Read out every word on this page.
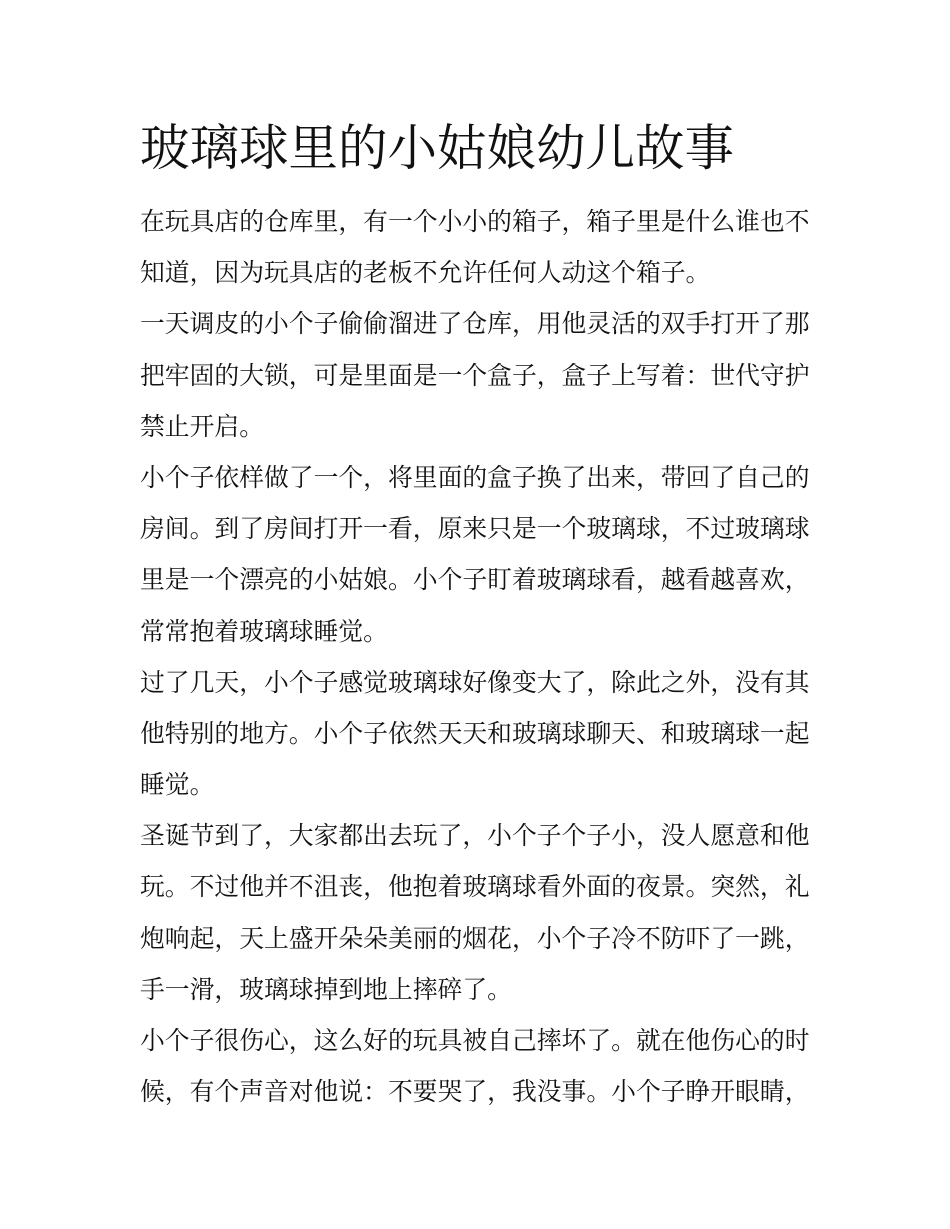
玻璃球里的小姑娘幼儿故事
在玩具店的仓库里，有一个小小的箱子，箱子里是什么谁也不
知道，因为玩具店的老板不允许任何人动这个箱子。
一天调皮的小个子偷偷溜进了仓库，用他灵活的双手打开了那
把牢固的大锁，可是里面是一个盒子，盒子上写着：世代守护
禁止开启。
小个子依样做了一个，将里面的盒子换了出来，带回了自己的
房间。到了房间打开一看，原来只是一个玻璃球，不过玻璃球
里是一个漂亮的小姑娘。小个子盯着玻璃球看，越看越喜欢，
常常抱着玻璃球睡觉。
过了几天，小个子感觉玻璃球好像变大了，除此之外，没有其
他特别的地方。小个子依然天天和玻璃球聊天、和玻璃球一起
睡觉。
圣诞节到了，大家都出去玩了，小个子个子小，没人愿意和他
玩。不过他并不沮丧，他抱着玻璃球看外面的夜景。突然，礼
炮响起，天上盛开朵朵美丽的烟花，小个子冷不防吓了一跳，
手一滑，玻璃球掉到地上摔碎了。
小个子很伤心，这么好的玩具被自己摔坏了。就在他伤心的时
候，有个声音对他说：不要哭了，我没事。小个子睁开眼睛，
